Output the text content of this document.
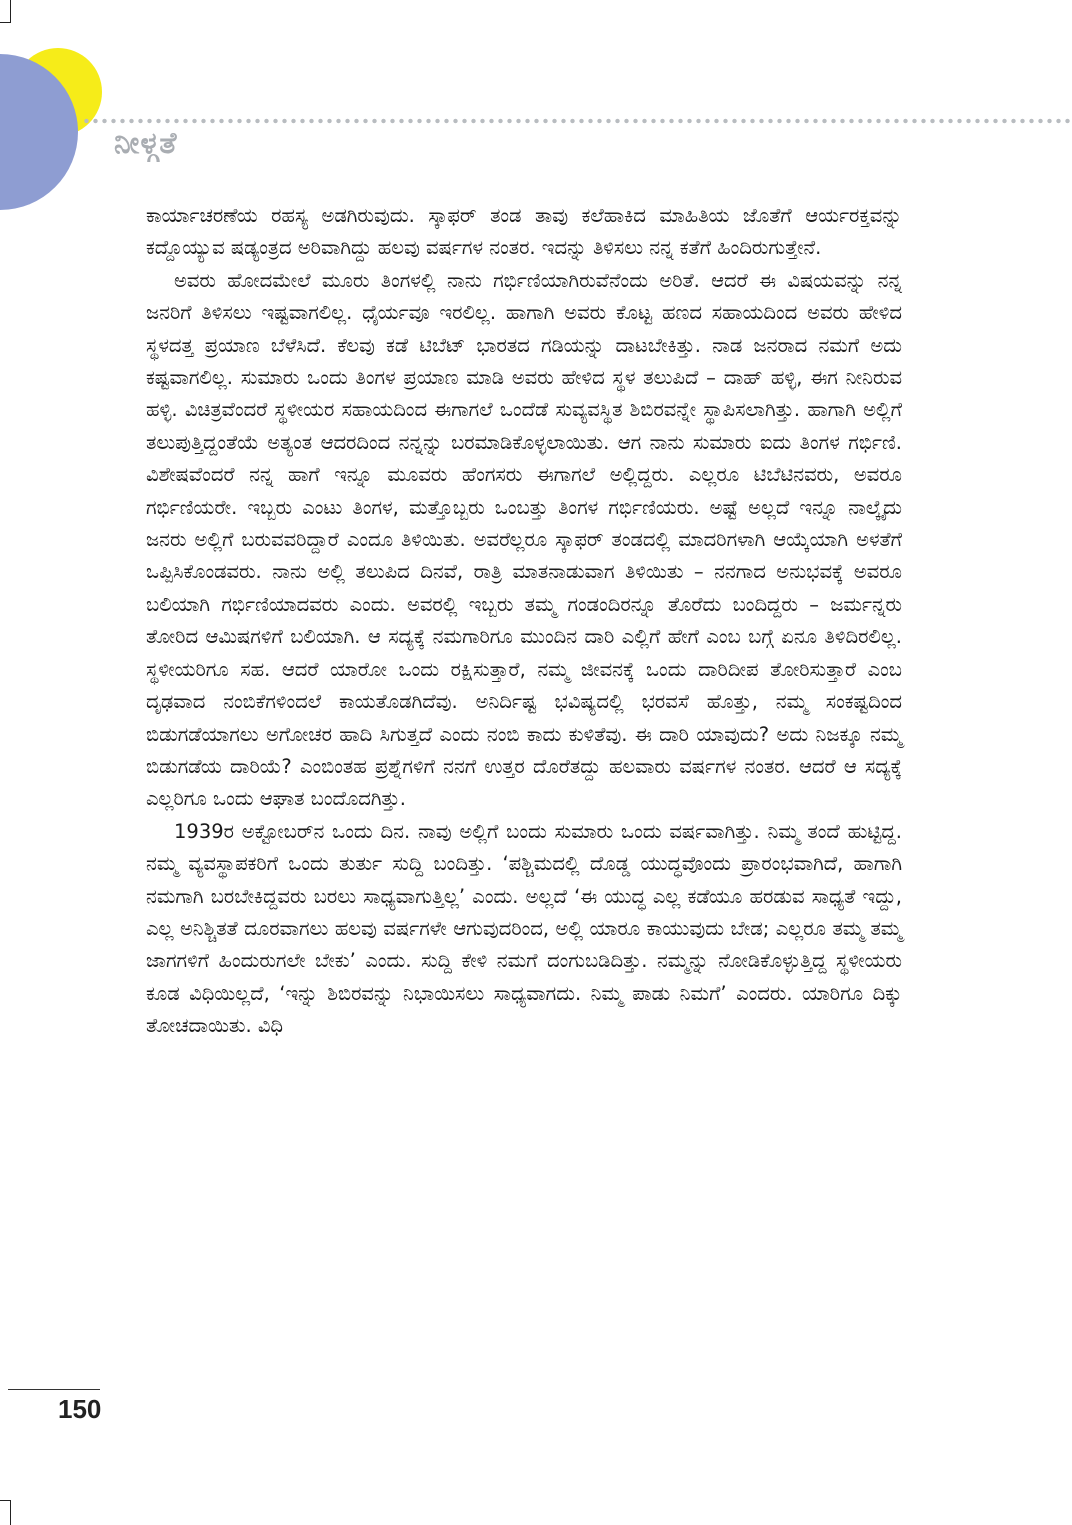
ನೀಳ್ಗತೆ

ಕಾರ್ಯಾಚರಣೆಯ ರಹಸ್ಯ ಅಡಗಿರುವುದು. ಸ್ಕಾಫರ್ ತಂಡ ತಾವು ಕಲೆಹಾಕಿದ ಮಾಹಿತಿಯ ಜೊತೆಗೆ ಆರ್ಯರಕ್ತವನ್ನು ಕದ್ದೊಯ್ಯುವ ಷಡ್ಯಂತ್ರದ ಅರಿವಾಗಿದ್ದು ಹಲವು ವರ್ಷಗಳ ನಂತರ. ಇದನ್ನು ತಿಳಿಸಲು ನನ್ನ ಕತೆಗೆ ಹಿಂದಿರುಗುತ್ತೇನೆ.

ಅವರು ಹೋದಮೇಲೆ ಮೂರು ತಿಂಗಳಲ್ಲಿ ನಾನು ಗರ್ಭಿಣಿಯಾಗಿರುವೆನೆಂದು ಅರಿತೆ. ಆದರೆ ಈ ವಿಷಯವನ್ನು ನನ್ನ ಜನರಿಗೆ ತಿಳಿಸಲು ಇಷ್ಟವಾಗಲಿಲ್ಲ. ಧೈರ್ಯವೂ ಇರಲಿಲ್ಲ. ಹಾಗಾಗಿ ಅವರು ಕೊಟ್ಟ ಹಣದ ಸಹಾಯದಿಂದ ಅವರು ಹೇಳಿದ ಸ್ಥಳದತ್ತ ಪ್ರಯಾಣ ಬೆಳೆಸಿದೆ. ಕೆಲವು ಕಡೆ ಟಿಬೆಟ್ ಭಾರತದ ಗಡಿಯನ್ನು ದಾಟಬೇಕಿತ್ತು. ನಾಡ ಜನರಾದ ನಮಗೆ ಅದು ಕಷ್ಟವಾಗಲಿಲ್ಲ. ಸುಮಾರು ಒಂದು ತಿಂಗಳ ಪ್ರಯಾಣ ಮಾಡಿ ಅವರು ಹೇಳಿದ ಸ್ಥಳ ತಲುಪಿದೆ – ದಾಹ್ ಹಳ್ಳಿ, ಈಗ ನೀನಿರುವ ಹಳ್ಳಿ. ವಿಚಿತ್ರವೆಂದರೆ ಸ್ಥಳೀಯರ ಸಹಾಯದಿಂದ ಈಗಾಗಲೆ ಒಂದೆಡೆ ಸುವ್ಯವಸ್ಥಿತ ಶಿಬಿರವನ್ನೇ ಸ್ಥಾಪಿಸಲಾಗಿತ್ತು. ಹಾಗಾಗಿ ಅಲ್ಲಿಗೆ ತಲುಪುತ್ತಿದ್ದಂತೆಯೆ ಅತ್ಯಂತ ಆದರದಿಂದ ನನ್ನನ್ನು ಬರಮಾಡಿಕೊಳ್ಳಲಾಯಿತು. ಆಗ ನಾನು ಸುಮಾರು ಐದು ತಿಂಗಳ ಗರ್ಭಿಣಿ. ವಿಶೇಷವೆಂದರೆ ನನ್ನ ಹಾಗೆ ಇನ್ನೂ ಮೂವರು ಹೆಂಗಸರು ಈಗಾಗಲೆ ಅಲ್ಲಿದ್ದರು. ಎಲ್ಲರೂ ಟಿಬೆಟಿನವರು, ಅವರೂ ಗರ್ಭಿಣಿಯರೇ. ಇಬ್ಬರು ಎಂಟು ತಿಂಗಳ, ಮತ್ತೊಬ್ಬರು ಒಂಬತ್ತು ತಿಂಗಳ ಗರ್ಭಿಣಿಯರು. ಅಷ್ಟೆ ಅಲ್ಲದೆ ಇನ್ನೂ ನಾಲ್ಕೈದು ಜನರು ಅಲ್ಲಿಗೆ ಬರುವವರಿದ್ದಾರೆ ಎಂದೂ ತಿಳಿಯಿತು. ಅವರೆಲ್ಲರೂ ಸ್ಕಾಫರ್ ತಂಡದಲ್ಲಿ ಮಾದರಿಗಳಾಗಿ ಆಯ್ಕೆಯಾಗಿ ಅಳತೆಗೆ ಒಪ್ಪಿಸಿಕೊಂಡವರು. ನಾನು ಅಲ್ಲಿ ತಲುಪಿದ ದಿನವೆ, ರಾತ್ರಿ ಮಾತನಾಡುವಾಗ ತಿಳಿಯಿತು – ನನಗಾದ ಅನುಭವಕ್ಕೆ ಅವರೂ ಬಲಿಯಾಗಿ ಗರ್ಭಿಣಿಯಾದವರು ಎಂದು. ಅವರಲ್ಲಿ ಇಬ್ಬರು ತಮ್ಮ ಗಂಡಂದಿರನ್ನೂ ತೊರೆದು ಬಂದಿದ್ದರು – ಜರ್ಮನ್ನರು ತೋರಿದ ಆಮಿಷಗಳಿಗೆ ಬಲಿಯಾಗಿ. ಆ ಸದ್ಯಕ್ಕೆ ನಮಗಾರಿಗೂ ಮುಂದಿನ ದಾರಿ ಎಲ್ಲಿಗೆ ಹೇಗೆ ಎಂಬ ಬಗ್ಗೆ ಏನೂ ತಿಳಿದಿರಲಿಲ್ಲ. ಸ್ಥಳೀಯರಿಗೂ ಸಹ. ಆದರೆ ಯಾರೋ ಒಂದು ರಕ್ಷಿಸುತ್ತಾರೆ, ನಮ್ಮ ಜೀವನಕ್ಕೆ ಒಂದು ದಾರಿದೀಪ ತೋರಿಸುತ್ತಾರೆ ಎಂಬ ದೃಢವಾದ ನಂಬಿಕೆಗಳಿಂದಲೆ ಕಾಯತೊಡಗಿದೆವು. ಅನಿರ್ದಿಷ್ಟ ಭವಿಷ್ಯದಲ್ಲಿ ಭರವಸೆ ಹೊತ್ತು, ನಮ್ಮ ಸಂಕಷ್ಟದಿಂದ ಬಿಡುಗಡೆಯಾಗಲು ಅಗೋಚರ ಹಾದಿ ಸಿಗುತ್ತದೆ ಎಂದು ನಂಬಿ ಕಾದು ಕುಳಿತೆವು. ಈ ದಾರಿ ಯಾವುದು? ಅದು ನಿಜಕ್ಕೂ ನಮ್ಮ ಬಿಡುಗಡೆಯ ದಾರಿಯೆ? ಎಂಬಿಂತಹ ಪ್ರಶ್ನೆಗಳಿಗೆ ನನಗೆ ಉತ್ತರ ದೊರೆತದ್ದು ಹಲವಾರು ವರ್ಷಗಳ ನಂತರ. ಆದರೆ ಆ ಸದ್ಯಕ್ಕೆ ಎಲ್ಲರಿಗೂ ಒಂದು ಆಘಾತ ಬಂದೊದಗಿತ್ತು.

1939ರ ಅಕ್ಟೋಬರ್‌ನ ಒಂದು ದಿನ. ನಾವು ಅಲ್ಲಿಗೆ ಬಂದು ಸುಮಾರು ಒಂದು ವರ್ಷವಾಗಿತ್ತು. ನಿಮ್ಮ ತಂದೆ ಹುಟ್ಟಿದ್ದ. ನಮ್ಮ ವ್ಯವಸ್ಥಾಪಕರಿಗೆ ಒಂದು ತುರ್ತು ಸುದ್ದಿ ಬಂದಿತ್ತು. ‘ಪಶ್ಚಿಮದಲ್ಲಿ ದೊಡ್ಡ ಯುದ್ಧವೊಂದು ಪ್ರಾರಂಭವಾಗಿದೆ, ಹಾಗಾಗಿ ನಮಗಾಗಿ ಬರಬೇಕಿದ್ದವರು ಬರಲು ಸಾಧ್ಯವಾಗುತ್ತಿಲ್ಲ’ ಎಂದು. ಅಲ್ಲದೆ ‘ಈ ಯುದ್ಧ ಎಲ್ಲ ಕಡೆಯೂ ಹರಡುವ ಸಾಧ್ಯತೆ ಇದ್ದು, ಎಲ್ಲ ಅನಿಶ್ಚಿತತೆ ದೂರವಾಗಲು ಹಲವು ವರ್ಷಗಳೇ ಆಗುವುದರಿಂದ, ಅಲ್ಲಿ ಯಾರೂ ಕಾಯುವುದು ಬೇಡ; ಎಲ್ಲರೂ ತಮ್ಮ ತಮ್ಮ ಜಾಗಗಳಿಗೆ ಹಿಂದುರುಗಲೇ ಬೇಕು’ ಎಂದು. ಸುದ್ದಿ ಕೇಳಿ ನಮಗೆ ದಂಗುಬಡಿದಿತ್ತು. ನಮ್ಮನ್ನು ನೋಡಿಕೊಳ್ಳುತ್ತಿದ್ದ ಸ್ಥಳೀಯರು ಕೂಡ ವಿಧಿಯಿಲ್ಲದೆ, ‘ಇನ್ನು ಶಿಬಿರವನ್ನು ನಿಭಾಯಿಸಲು ಸಾಧ್ಯವಾಗದು. ನಿಮ್ಮ ಪಾಡು ನಿಮಗೆ’ ಎಂದರು. ಯಾರಿಗೂ ದಿಕ್ಕು ತೋಚದಾಯಿತು. ವಿಧಿ

150
